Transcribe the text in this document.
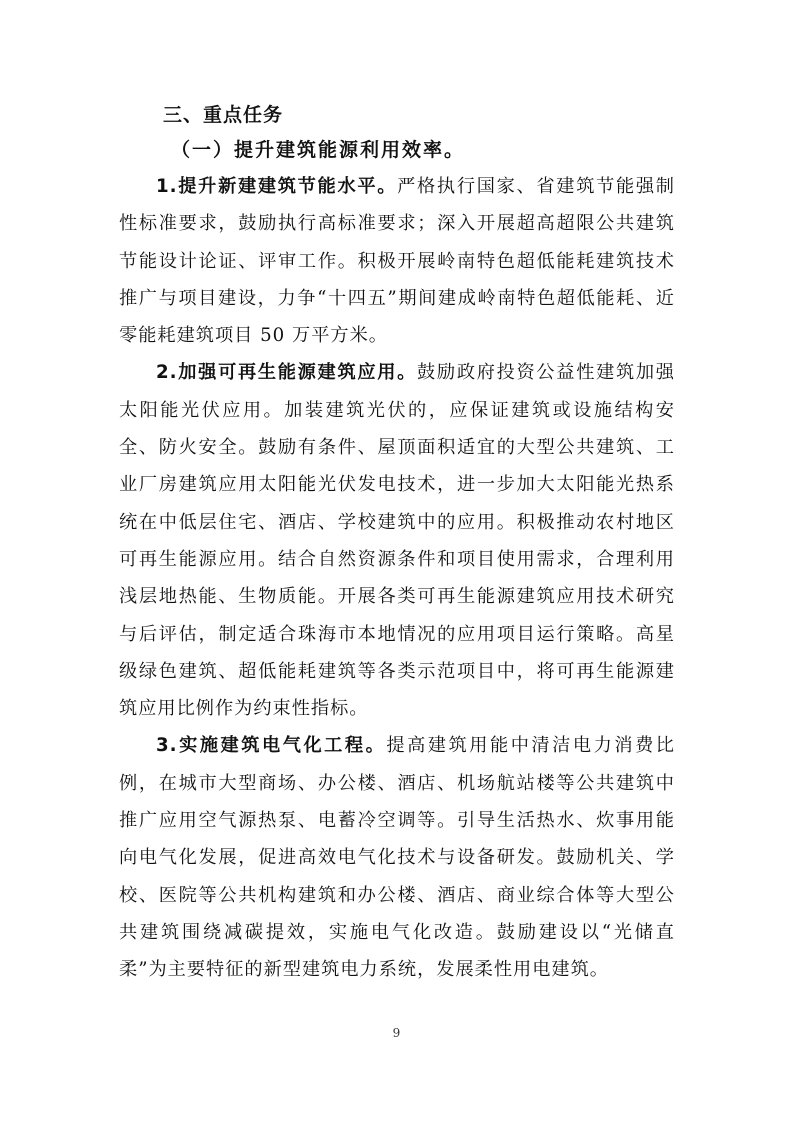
三、重点任务
（一）提升建筑能源利用效率。

1.提升新建建筑节能水平。严格执行国家、省建筑节能强制性标准要求，鼓励执行高标准要求；深入开展超高超限公共建筑节能设计论证、评审工作。积极开展岭南特色超低能耗建筑技术推广与项目建设，力争“十四五”期间建成岭南特色超低能耗、近零能耗建筑项目 50 万平方米。

2.加强可再生能源建筑应用。鼓励政府投资公益性建筑加强太阳能光伏应用。加装建筑光伏的，应保证建筑或设施结构安全、防火安全。鼓励有条件、屋顶面积适宜的大型公共建筑、工业厂房建筑应用太阳能光伏发电技术，进一步加大太阳能光热系统在中低层住宅、酒店、学校建筑中的应用。积极推动农村地区可再生能源应用。结合自然资源条件和项目使用需求，合理利用浅层地热能、生物质能。开展各类可再生能源建筑应用技术研究与后评估，制定适合珠海市本地情况的应用项目运行策略。高星级绿色建筑、超低能耗建筑等各类示范项目中，将可再生能源建筑应用比例作为约束性指标。

3.实施建筑电气化工程。提高建筑用能中清洁电力消费比例，在城市大型商场、办公楼、酒店、机场航站楼等公共建筑中推广应用空气源热泵、电蓄冷空调等。引导生活热水、炊事用能向电气化发展，促进高效电气化技术与设备研发。鼓励机关、学校、医院等公共机构建筑和办公楼、酒店、商业综合体等大型公共建筑围绕减碳提效，实施电气化改造。鼓励建设以“光储直柔”为主要特征的新型建筑电力系统，发展柔性用电建筑。

9
